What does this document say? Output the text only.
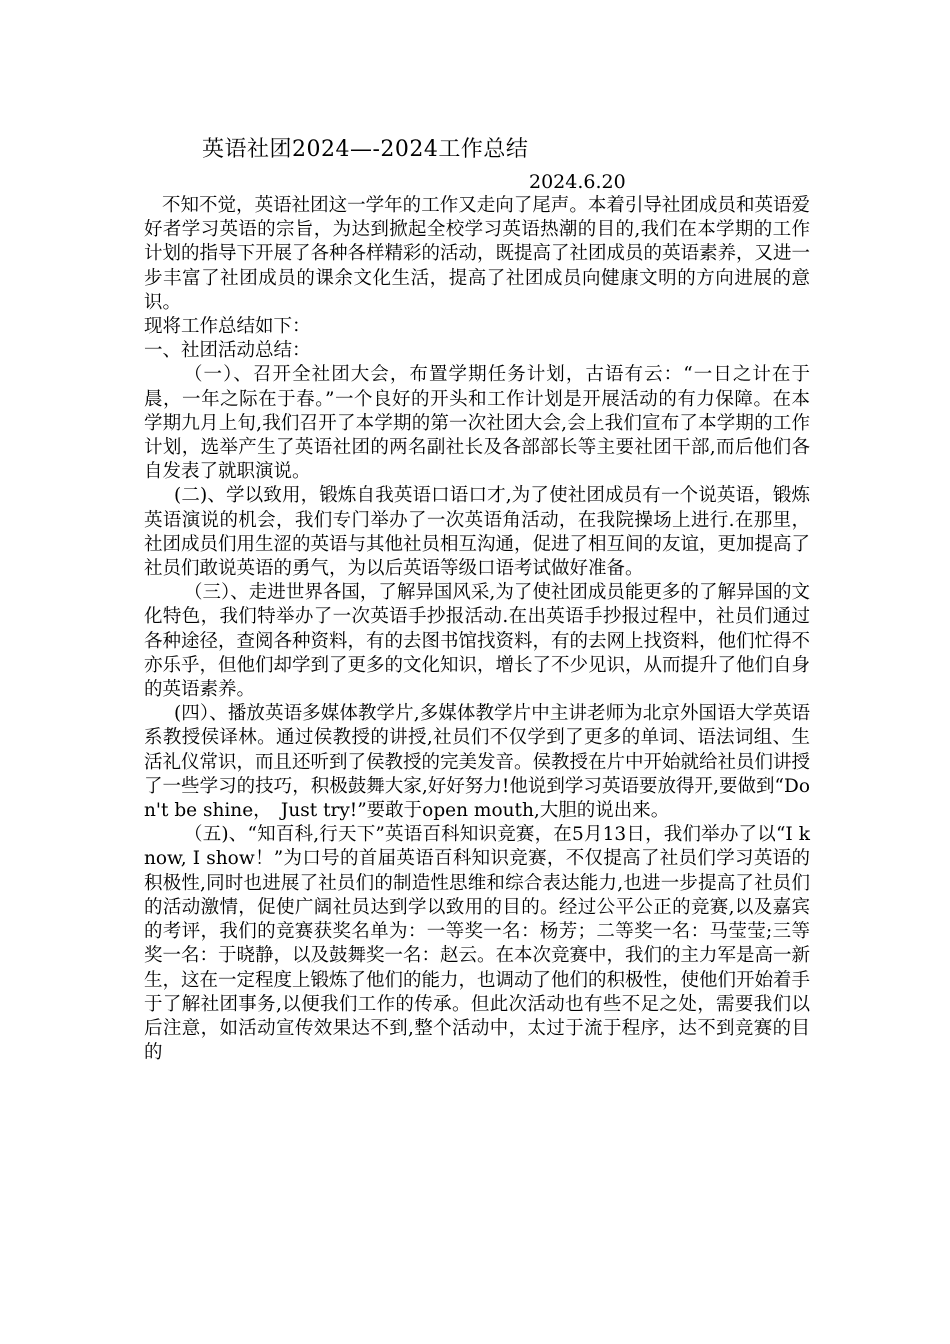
英语社团2024—-2024工作总结

2024.6.20

不知不觉，英语社团这一学年的工作又走向了尾声。本着引导社团成员和英语爱好者学习英语的宗旨，为达到掀起全校学习英语热潮的目的,我们在本学期的工作计划的指导下开展了各种各样精彩的活动，既提高了社团成员的英语素养，又进一步丰富了社团成员的课余文化生活，提高了社团成员向健康文明的方向进展的意识。

现将工作总结如下：

一、社团活动总结：

（一）、召开全社团大会，布置学期任务计划，古语有云：“一日之计在于晨，一年之际在于春。”一个良好的开头和工作计划是开展活动的有力保障。在本学期九月上旬,我们召开了本学期的第一次社团大会,会上我们宣布了本学期的工作计划，选举产生了英语社团的两名副社长及各部部长等主要社团干部,而后他们各自发表了就职演说。

(二)、学以致用，锻炼自我英语口语口才,为了使社团成员有一个说英语，锻炼英语演说的机会，我们专门举办了一次英语角活动，在我院操场上进行.在那里，社团成员们用生涩的英语与其他社员相互沟通，促进了相互间的友谊，更加提高了社员们敢说英语的勇气，为以后英语等级口语考试做好准备。

（三）、走进世界各国，了解异国风采,为了使社团成员能更多的了解异国的文化特色，我们特举办了一次英语手抄报活动.在出英语手抄报过程中，社员们通过各种途径，查阅各种资料，有的去图书馆找资料，有的去网上找资料，他们忙得不亦乐乎，但他们却学到了更多的文化知识，增长了不少见识，从而提升了他们自身的英语素养。

(四）、播放英语多媒体教学片,多媒体教学片中主讲老师为北京外国语大学英语系教授侯译林。通过侯教授的讲授,社员们不仅学到了更多的单词、语法词组、生活礼仪常识，而且还听到了侯教授的完美发音。侯教授在片中开始就给社员们讲授了一些学习的技巧，积极鼓舞大家,好好努力!他说到学习英语要放得开,要做到“Don't be shine，　Just try!”要敢于open mouth,大胆的说出来。

（五)、“知百科,行天下”英语百科知识竞赛，在5月13日，我们举办了以“I know, I show！”为口号的首届英语百科知识竞赛，不仅提高了社员们学习英语的积极性,同时也进展了社员们的制造性思维和综合表达能力,也进一步提高了社员们的活动激情，促使广阔社员达到学以致用的目的。经过公平公正的竞赛,以及嘉宾的考评，我们的竞赛获奖名单为：一等奖一名：杨芳；二等奖一名：马莹莹;三等奖一名：于晓静，以及鼓舞奖一名：赵云。在本次竞赛中，我们的主力军是高一新生，这在一定程度上锻炼了他们的能力，也调动了他们的积极性，使他们开始着手于了解社团事务,以便我们工作的传承。但此次活动也有些不足之处，需要我们以后注意，如活动宣传效果达不到,整个活动中，太过于流于程序，达不到竞赛的目的
